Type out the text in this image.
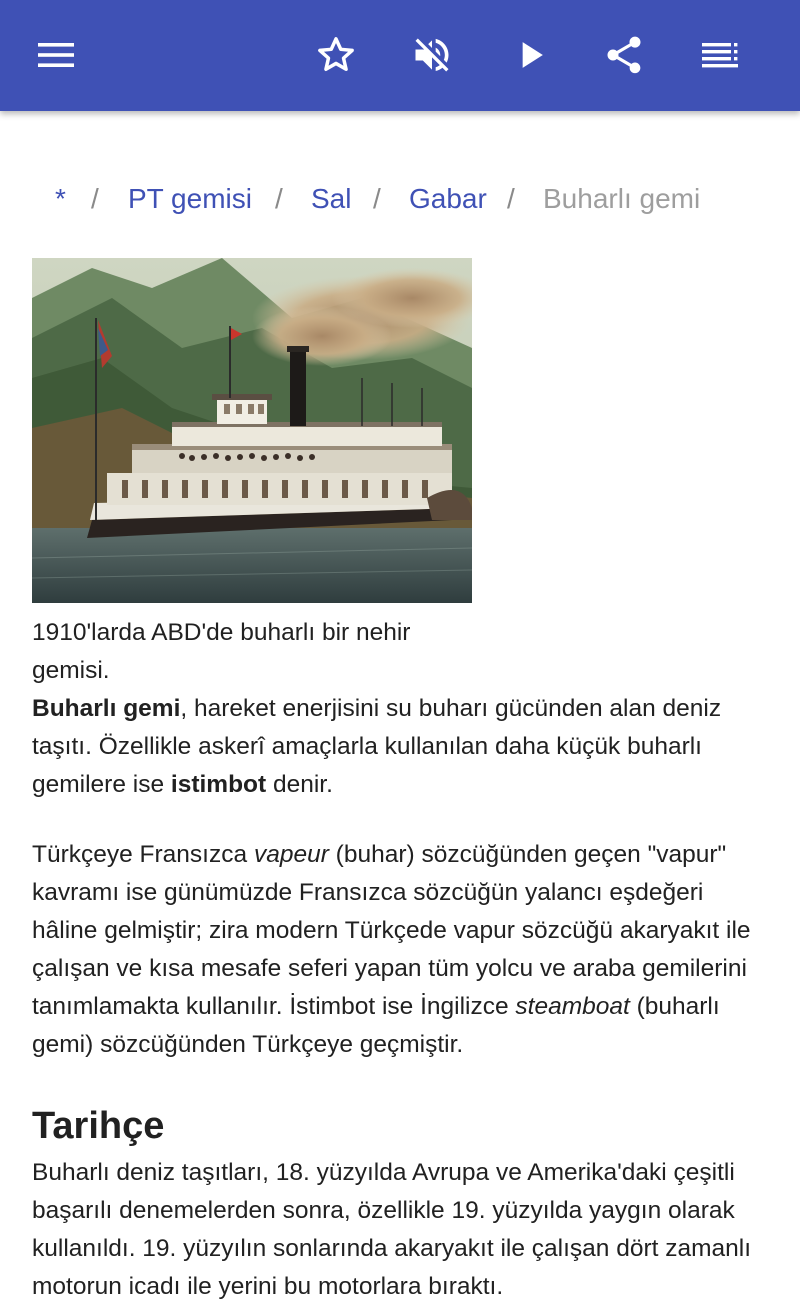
* / PT gemisi / Sal / Gabar / Buharlı gemi
1910'larda ABD'de buharlı bir nehir gemisi.

Buharlı gemi, hareket enerjisini su buharı gücünden alan deniz taşıtı. Özellikle askerî amaçlarla kullanılan daha küçük buharlı gemilere ise istimbot denir.

Türkçeye Fransızca vapeur (buhar) sözcüğünden geçen "vapur" kavramı ise günümüzde Fransızca sözcüğün yalancı eşdeğeri hâline gelmiştir; zira modern Türkçede vapur sözcüğü akaryakıt ile çalışan ve kısa mesafe seferi yapan tüm yolcu ve araba gemilerini tanımlamakta kullanılır. İstimbot ise İngilizce steamboat (buharlı gemi) sözcüğünden Türkçeye geçmiştir.

Tarihçe

Buharlı deniz taşıtları, 18. yüzyılda Avrupa ve Amerika'daki çeşitli başarılı denemelerden sonra, özellikle 19. yüzyılda yaygın olarak kullanıldı. 19. yüzyılın sonlarında akaryakıt ile çalışan dört zamanlı motorun icadı ile yerini bu motorlara bıraktı.
